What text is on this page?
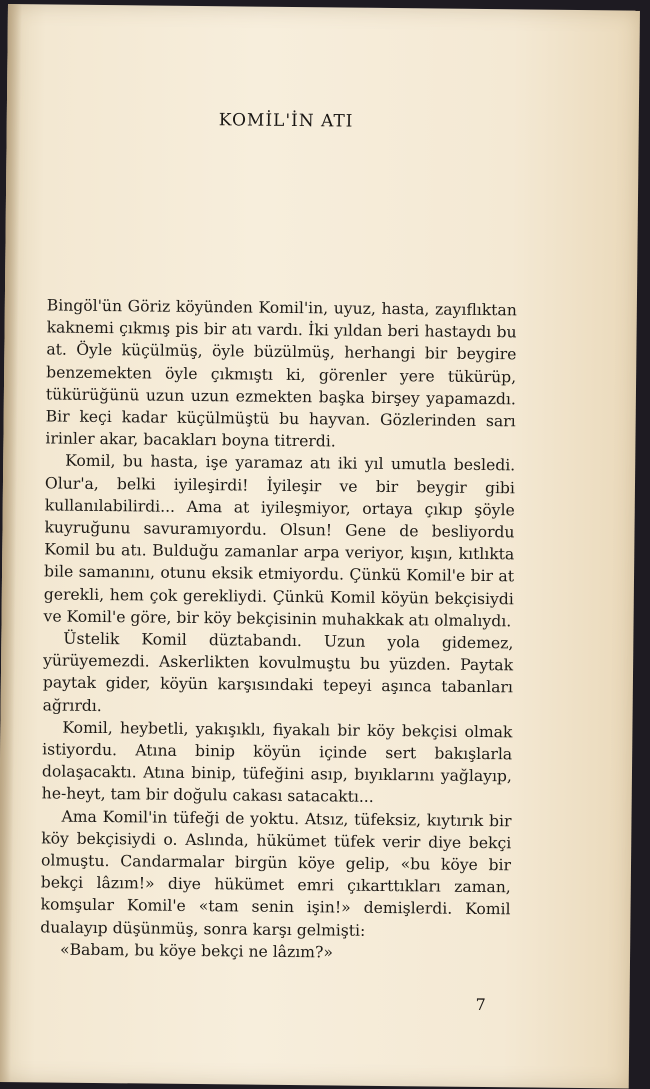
KOMİL'İN ATI

Bingöl'ün Göriz köyünden Komil'in, uyuz, hasta, zayıflıktan kaknemi çıkmış pis bir atı vardı. İki yıldan beri hastaydı bu at. Öyle küçülmüş, öyle büzülmüş, herhangi bir beygire benzemekten öyle çıkmıştı ki, görenler yere tükürüp, tükürüğünü uzun uzun ezmekten başka birşey yapamazdı. Bir keçi kadar küçülmüştü bu hayvan. Gözlerinden sarı irinler akar, bacakları boyna titrerdi.

Komil, bu hasta, işe yaramaz atı iki yıl umutla besledi. Olur'a, belki iyileşirdi! İyileşir ve bir beygir gibi kullanılabilirdi... Ama at iyileşmiyor, ortaya çıkıp şöyle kuyruğunu savuramıyordu. Olsun! Gene de besliyordu Komil bu atı. Bulduğu zamanlar arpa veriyor, kışın, kıtlıkta bile samanını, otunu eksik etmiyordu. Çünkü Komil'e bir at gerekli, hem çok gerekliydi. Çünkü Komil köyün bekçisiydi ve Komil'e göre, bir köy bekçisinin muhakkak atı olmalıydı.

Üstelik Komil düztabandı. Uzun yola gidemez, yürüyemezdi. Askerlikten kovulmuştu bu yüzden. Paytak paytak gider, köyün karşısındaki tepeyi aşınca tabanları ağrırdı.

Komil, heybetli, yakışıklı, fiyakalı bir köy bekçisi olmak istiyordu. Atına binip köyün içinde sert bakışlarla dolaşacaktı. Atına binip, tüfeğini asıp, bıyıklarını yağlayıp, he-heyt, tam bir doğulu cakası satacaktı...

Ama Komil'in tüfeği de yoktu. Atsız, tüfeksiz, kıytırık bir köy bekçisiydi o. Aslında, hükümet tüfek verir diye bekçi olmuştu. Candarmalar birgün köye gelip, «bu köye bir bekçi lâzım!» diye hükümet emri çıkarttıkları zaman, komşular Komil'e «tam senin işin!» demişlerdi. Komil dualayıp düşünmüş, sonra karşı gelmişti:

«Babam, bu köye bekçi ne lâzım?»

7
